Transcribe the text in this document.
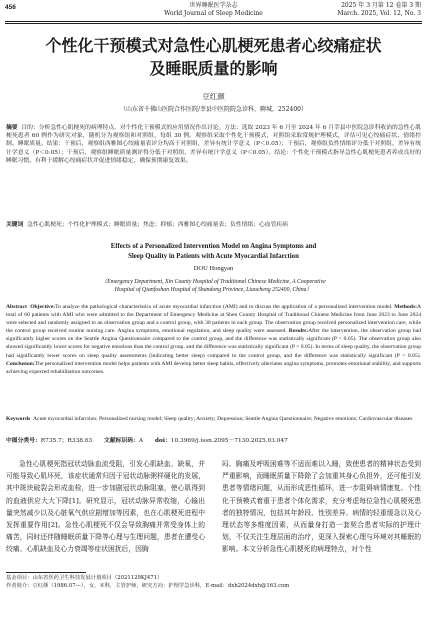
456	世界睡眠医学杂志
World Journal of Sleep Medicine
2025 年 3 月第 12 卷第 3 期
March. 2025, Vol. 12, No. 3
个性化干预模式对急性心肌梗死患者心绞痛症状
及睡眠质量的影响
豆红颜
（山东省千佛山医院合作医院/莘县中医院院急诊科，聊城，252400）
摘要 目的：分析急性心肌梗死的病理特点，对个性化干预模式的应用情况作出讨论。方法：选取 2023 年 6 月至 2024 年 6 月莘县中医院急诊科收治的急性心肌梗死患者 60 例作为研究对象，随机分为观察组和对照组，每组 30 例。观察组采取个性化干预模式，对照组采取常规护理模式，评估可见心绞痛症状、情绪控制、睡眠质量。结果：干预后，观察组西雅图心绞痛量表评分均高于对照组，差异有统计学意义（P＜0.05）；干预后，观察组负性情绪评分低于对照组，差异有统计学意义（P＜0.05）；干预后，观察组睡眠质量测评得分低于对照组，差异有统计学意义（P＜0.05）。结论：个性化干预模式指导急性心肌梗死患者养成良好的睡眠习惯，有利于缓解心绞痛症状并促进情绪稳定，确保预期康复效果。
关键词 急性心肌梗死；个性化护理模式；睡眠质量；焦虑；抑郁；西雅图心绞痛量表；负性情绪；心血管疾病
Effects of a Personalized Intervention Model on Angina Symptoms and
Sleep Quality in Patients with Acute Myocardial Infarction
DOU Hongyan
（Emergency Department, Xin County Hospital of Traditional Chinese Medicine, A Cooperative
Hospital of Qianfoshan Hospital of Shandong Province, Liaocheng 252400, China）
Abstract Objective:To analyze the pathological characteristics of acute myocardial infarction (AMI) and to discuss the application of a personalized intervention model. Methods:A total of 60 patients with AMI who were admitted to the Department of Emergency Medicine at Shen County Hospital of Traditional Chinese Medicine from June 2023 to June 2024 were selected and randomly assigned to an observation group and a control group, with 30 patients in each group. The observation group received personalized intervention care, while the control group received routine nursing care. Angina symptoms, emotional regulation, and sleep quality were assessed. Results:After the intervention, the observation group had significantly higher scores on the Seattle Angina Questionnaire compared to the control group, and the difference was statistically significant (P < 0.05). The observation group also showed significantly lower scores for negative emotions than the control group, and the difference was statistically significant (P < 0.05). In terms of sleep quality, the observation group had significantly lower scores on sleep quality assessments (indicating better sleep) compared to the control group, and the difference was statistically significant (P < 0.05). Conclusion:The personalized intervention model helps patients with AMI develop better sleep habits, effectively alleviates angina symptoms, promotes emotional stability, and supports achieving expected rehabilitation outcomes.
Keywords Acute myocardial infarction; Personalized nursing model; Sleep quality; Anxiety; Depression; Seattle Angina Questionnaire; Negative emotions; Cardiovascular diseases
中图分类号：R735.7；R338.63 文献标识码：A doi：10.3969/j.issn.2095－7130.2025.03.047
急性心肌梗死指冠状动脉血流受阻，引发心肌缺血、缺氧，并可能导致心肌坏死，该症状通常归因于冠状动脉粥样硬化的发展，其中斑块破裂会形成血栓，进一步加剧冠状动脉阻塞，使心肌得到的血液供应大大下降[1]。研究显示，冠状动脉异常收缩，心输出量突然减少以及心脏氧气供应剧增加等因素，也在心肌梗死进程中发挥重要作用[2]。急性心肌梗死不仅会导致胸痛并常受身体上的痛苦，同时还伴随睡眠质量下降等心理与生理问题，患者在遭受心绞痛、心肌缺血及心力衰竭等症状困扰后，因胸
闷、胸痛及呼吸困难等不适而难以入睡，致使患者的精神状态受到严重影响，而睡眠质量下降除了会加重其身心负担外，还可能引发患者等情绪问题，从而形成恶性循环，进一步阻碍病情康复。个性化干预模式着重于患者个体化需求，充分考虑每位急性心肌梗死患者的独特情况，包括其年龄段、性别差异、病情的轻重缓急以及心理状态等多维度因素，从而量身打造一套契合患者实际的护理计划，不仅关注生理层面的治疗，更深入探索心理与环境对其睡眠的影响。本文分析急性心肌梗死的病理特点，对个性
基金项目：山东省医药卫生科技发展计划项目（2021129KJ471）
作者简介：豆红颜（1986.07—），女，本科，主管护师，研究方向：护理学急诊科，E-mail：dxh2024dxh@163.com
